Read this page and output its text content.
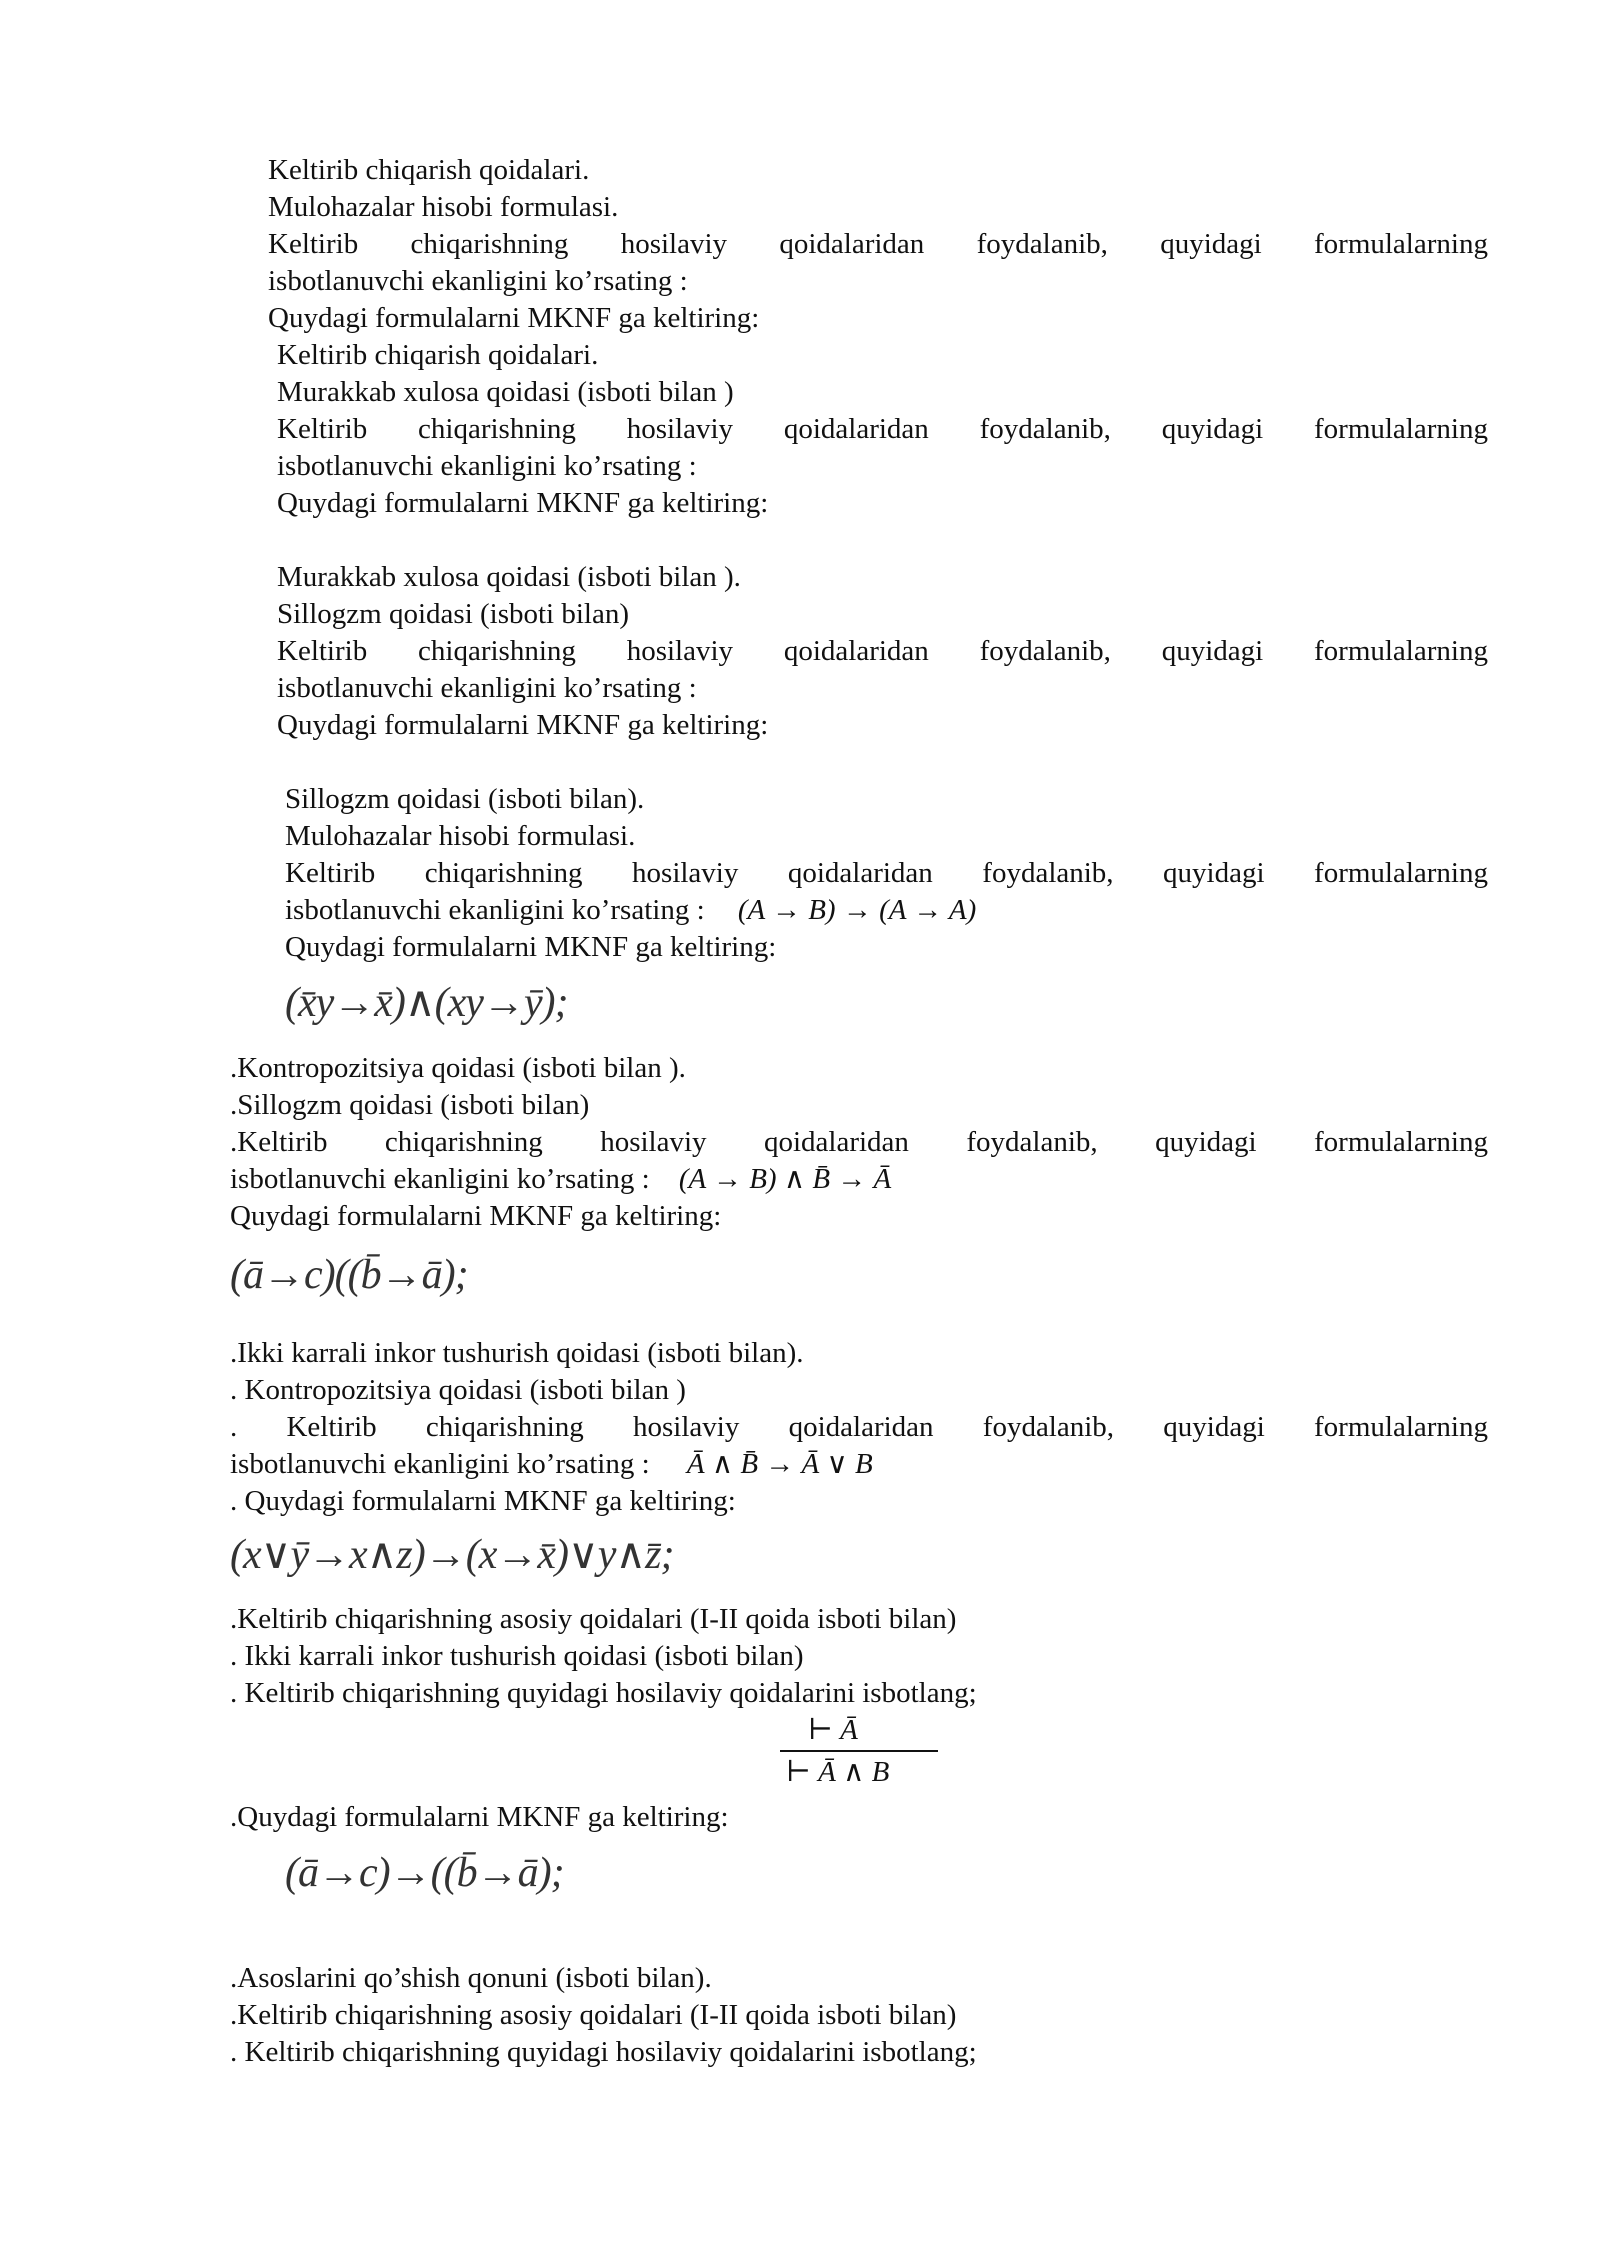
Keltirib chiqarish qoidalari.
Mulohazalar hisobi formulasi.
Keltirib chiqarishning hosilaviy qoidalaridan foydalanib, quyidagi formulalarning
isbotlanuvchi ekanligini ko’rsating :
Quydagi formulalarni MKNF ga keltiring:
Keltirib chiqarish qoidalari.
Murakkab xulosa qoidasi (isboti bilan )
Keltirib chiqarishning hosilaviy qoidalaridan foydalanib, quyidagi formulalarning
isbotlanuvchi ekanligini ko’rsating :
Quydagi formulalarni MKNF ga keltiring:
Murakkab xulosa qoidasi (isboti bilan ).
Sillogzm qoidasi (isboti bilan)
Keltirib chiqarishning hosilaviy qoidalaridan foydalanib, quyidagi formulalarning
isbotlanuvchi ekanligini ko’rsating :
Quydagi formulalarni MKNF ga keltiring:
Sillogzm qoidasi (isboti bilan).
Mulohazalar hisobi formulasi.
Keltirib chiqarishning hosilaviy qoidalaridan foydalanib, quyidagi formulalarning
isbotlanuvchi ekanligini ko’rsating : (A → B) → (A → A)
Quydagi formulalarni MKNF ga keltiring:
(x̄y→x̄)∧(xy→ȳ);
.Kontropozitsiya qoidasi (isboti bilan ).
.Sillogzm qoidasi (isboti bilan)
.Keltirib chiqarishning hosilaviy qoidalaridan foydalanib, quyidagi formulalarning
isbotlanuvchi ekanligini ko’rsating : (A → B) ∧ B̄ → Ā
Quydagi formulalarni MKNF ga keltiring:
(ā→c)((b̄→ā);
.Ikki karrali inkor tushurish qoidasi (isboti bilan).
. Kontropozitsiya qoidasi (isboti bilan )
. Keltirib chiqarishning hosilaviy qoidalaridan foydalanib, quyidagi formulalarning
isbotlanuvchi ekanligini ko’rsating : Ā ∧ B̄ → Ā ∨ B
. Quydagi formulalarni MKNF ga keltiring:
(x∨ȳ→x∧z)→(x→x̄)∨y∧z̄;
.Keltirib chiqarishning asosiy qoidalari (I-II qoida isboti bilan)
. Ikki karrali inkor tushurish qoidasi (isboti bilan)
. Keltirib chiqarishning quyidagi hosilaviy qoidalarini isbotlang;
⊢ Ā
⊢ Ā ∧ B
.Quydagi formulalarni MKNF ga keltiring:
(ā→c)→((b̄→ā);
.Asoslarini qo’shish qonuni (isboti bilan).
.Keltirib chiqarishning asosiy qoidalari (I-II qoida isboti bilan)
. Keltirib chiqarishning quyidagi hosilaviy qoidalarini isbotlang;
